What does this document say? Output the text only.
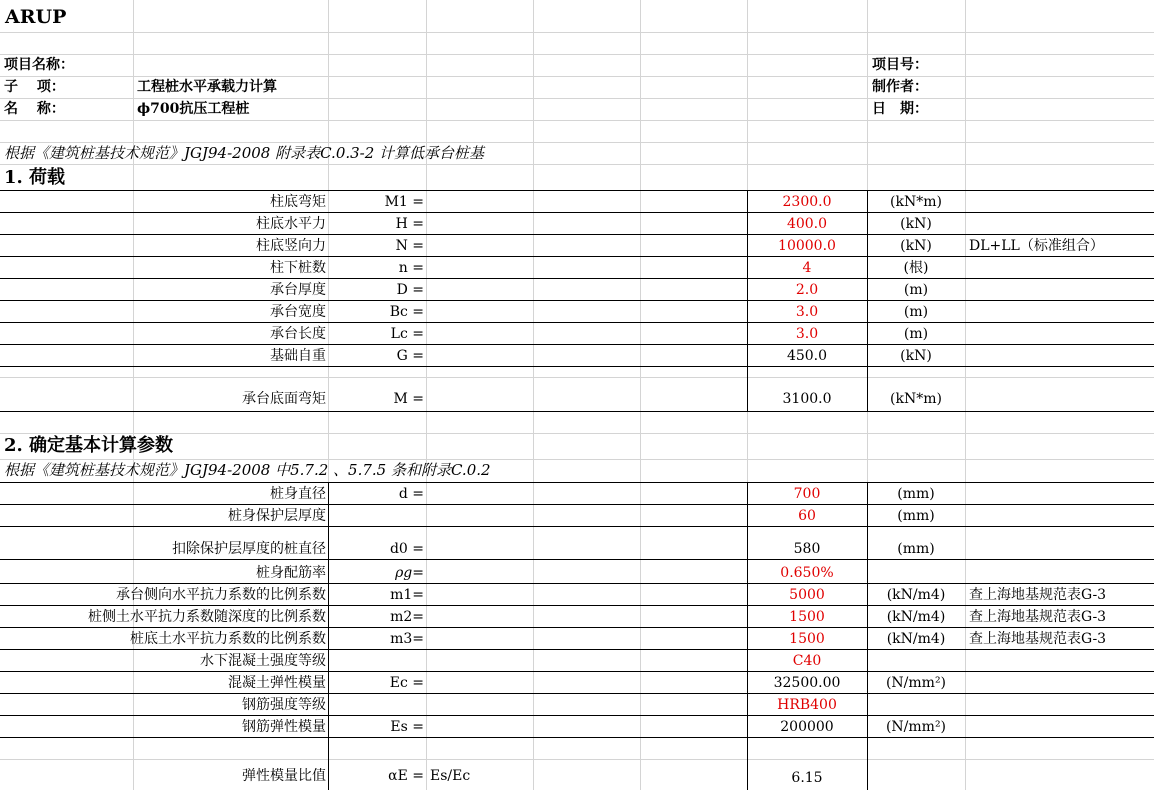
ARUP
项目名称：
子　 项：	工程桩水平承载力计算
名　 称：	ϕ700抗压工程桩
项目号：
制作者：
日　期：
根据《建筑桩基技术规范》JGJ94-2008 附录表C.0.3-2 计算低承台桩基
1. 荷载
柱底弯矩	M1 =	2300.0	(kN*m)
柱底水平力	H =	400.0	(kN)
柱底竖向力	N =	10000.0	(kN)	DL+LL（标准组合）
柱下桩数	n =	4	(根)
承台厚度	D =	2.0	(m)
承台宽度	Bc =	3.0	(m)
承台长度	Lc =	3.0	(m)
基础自重	G =	450.0	(kN)
承台底面弯矩	M =	3100.0	(kN*m)
2. 确定基本计算参数
根据《建筑桩基技术规范》JGJ94-2008 中5.7.2 、5.7.5 条和附录C.0.2
桩身直径	d =	700	(mm)
桩身保护层厚度	60	(mm)
扣除保护层厚度的桩直径	d0 =	580	(mm)
桩身配筋率	ρg=	0.650%
承台侧向水平抗力系数的比例系数	m1=	5000	(kN/m4)	查上海地基规范表G-3
桩侧土水平抗力系数随深度的比例系数	m2=	1500	(kN/m4)	查上海地基规范表G-3
桩底土水平抗力系数的比例系数	m3=	1500	(kN/m4)	查上海地基规范表G-3
水下混凝土强度等级	C40
混凝土弹性模量	Ec =	32500.00	(N/mm²)
钢筋强度等级	HRB400
钢筋弹性模量	Es =	200000	(N/mm²)
弹性模量比值	αE = Es/Ec	6.15
